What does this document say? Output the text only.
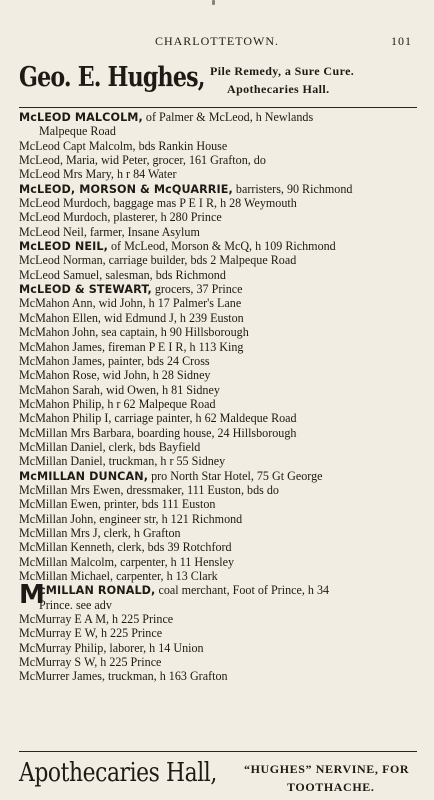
CHARLOTTETOWN.	101
Geo. E. Hughes, Pile Remedy, a Sure Cure.
Apothecaries Hall.
McLEOD MALCOLM, of Palmer & McLeod, h Newlands
Malpeque Road
McLeod Capt Malcolm, bds Rankin House
McLeod, Maria, wid Peter, grocer, 161 Grafton, do
McLeod Mrs Mary, h r 84 Water
McLEOD, MORSON & McQUARRIE, barristers, 90 Richmond
McLeod Murdoch, baggage mas P E I R, h 28 Weymouth
McLeod Murdoch, plasterer, h 280 Prince
McLeod Neil, farmer, Insane Asylum
McLEOD NEIL, of McLeod, Morson & McQ, h 109 Richmond
McLeod Norman, carriage builder, bds 2 Malpeque Road
McLeod Samuel, salesman, bds Richmond
McLEOD & STEWART, grocers, 37 Prince
McMahon Ann, wid John, h 17 Palmer's Lane
McMahon Ellen, wid Edmund J, h 239 Euston
McMahon John, sea captain, h 90 Hillsborough
McMahon James, fireman P E I R, h 113 King
McMahon James, painter, bds 24 Cross
McMahon Rose, wid John, h 28 Sidney
McMahon Sarah, wid Owen, h 81 Sidney
McMahon Philip, h r 62 Malpeque Road
McMahon Philip I, carriage painter, h 62 Maldeque Road
McMillan Mrs Barbara, boarding house, 24 Hillsborough
McMillan Daniel, clerk, bds Bayfield
McMillan Daniel, truckman, h r 55 Sidney
McMILLAN DUNCAN, pro North Star Hotel, 75 Gt George
McMillan Mrs Ewen, dressmaker, 111 Euston, bds do
McMillan Ewen, printer, bds 111 Euston
McMillan John, engineer str, h 121 Richmond
McMillan Mrs J, clerk, h Grafton
McMillan Kenneth, clerk, bds 39 Rotchford
McMillan Malcolm, carpenter, h 11 Hensley
McMillan Michael, carpenter, h 13 Clark
M
cMILLAN RONALD, coal merchant, Foot of Prince, h 34
Prince. see adv
McMurray E A M, h 225 Prince
McMurray E W, h 225 Prince
McMurray Philip, laborer, h 14 Union
McMurray S W, h 225 Prince
McMurrer James, truckman, h 163 Grafton
Apothecaries Hall, “HUGHES” NERVINE, FOR
TOOTHACHE.
